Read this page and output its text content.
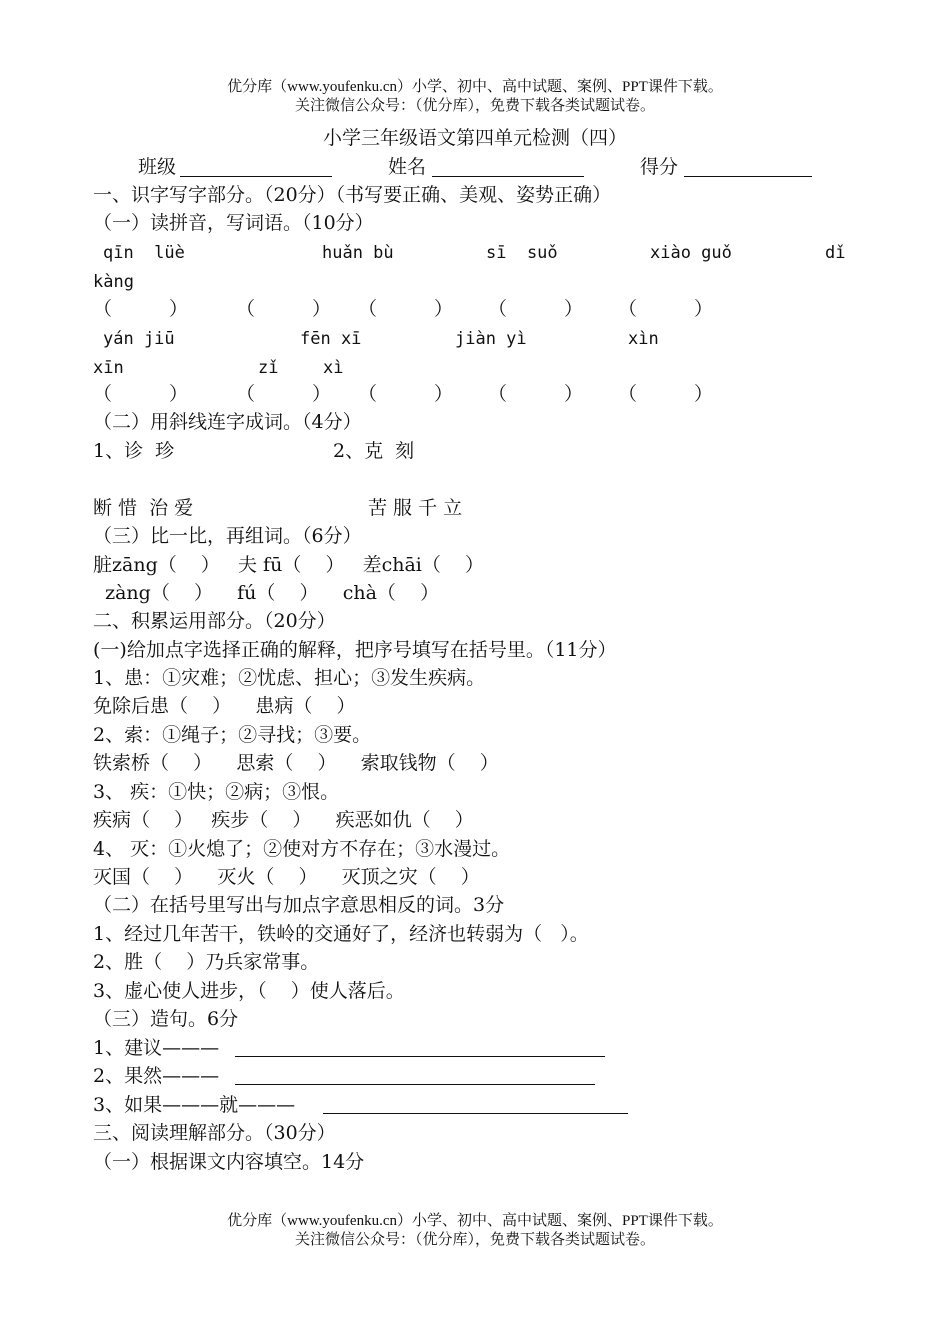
优分库（www.youfenku.cn）小学、初中、高中试题、案例、PPT课件下载。
关注微信公众号：（优分库），免费下载各类试题试卷。
小学三年级语文第四单元检测（四）
班级	姓名	得分
一、识字写字部分。（20分）（书写要正确、美观、姿势正确）
（一）读拼音，写词语。（10分）
qīn  lüè	huǎn bù	sī  suǒ	xiào guǒ	dǐ
kàng
（　　　）	（　　　） （　　　） （　　　） （　　　）
yán jiū	fēn xī	jiàn yì	xìn
xīn	zǐ	xì
（　　　）	（　　　） （　　　） （　　　） （　　　）
（二）用斜线连字成词。（4分）
1、诊  珍	2、克  刻
断 惜  治 爱	苦 服 千 立
（三）比一比，再组词。（6分）
脏zāng（    ）   夫 fū（    ）   差chāi（    ）
zàng（    ）    fú（    ）    chà（    ）
二、积累运用部分。（20分）
(一)给加点字选择正确的解释，把序号填写在括号里。（11分）
1、患：①灾难；②忧虑、担心；③发生疾病。
免除后患（    ）    患病（    ）
2、索：①绳子；②寻找；③要。
铁索桥（    ）    思索（    ）    索取钱物（    ）
3、 疾：①快；②病；③恨。
疾病（    ）   疾步（    ）    疾恶如仇（    ）
4、 灭：①火熄了；②使对方不存在；③水漫过。
灭国（    ）    灭火（    ）    灭顶之灾（    ）
（二）在括号里写出与加点字意思相反的词。3分
1、经过几年苦干，铁岭的交通好了，经济也转弱为（   ）。
2、胜（    ）乃兵家常事。
3、虚心使人进步，（    ）使人落后。
（三）造句。6分
1、建议———
2、果然———
3、如果———就———
三、阅读理解部分。（30分）
（一）根据课文内容填空。14分
优分库（www.youfenku.cn）小学、初中、高中试题、案例、PPT课件下载。
关注微信公众号：（优分库），免费下载各类试题试卷。
